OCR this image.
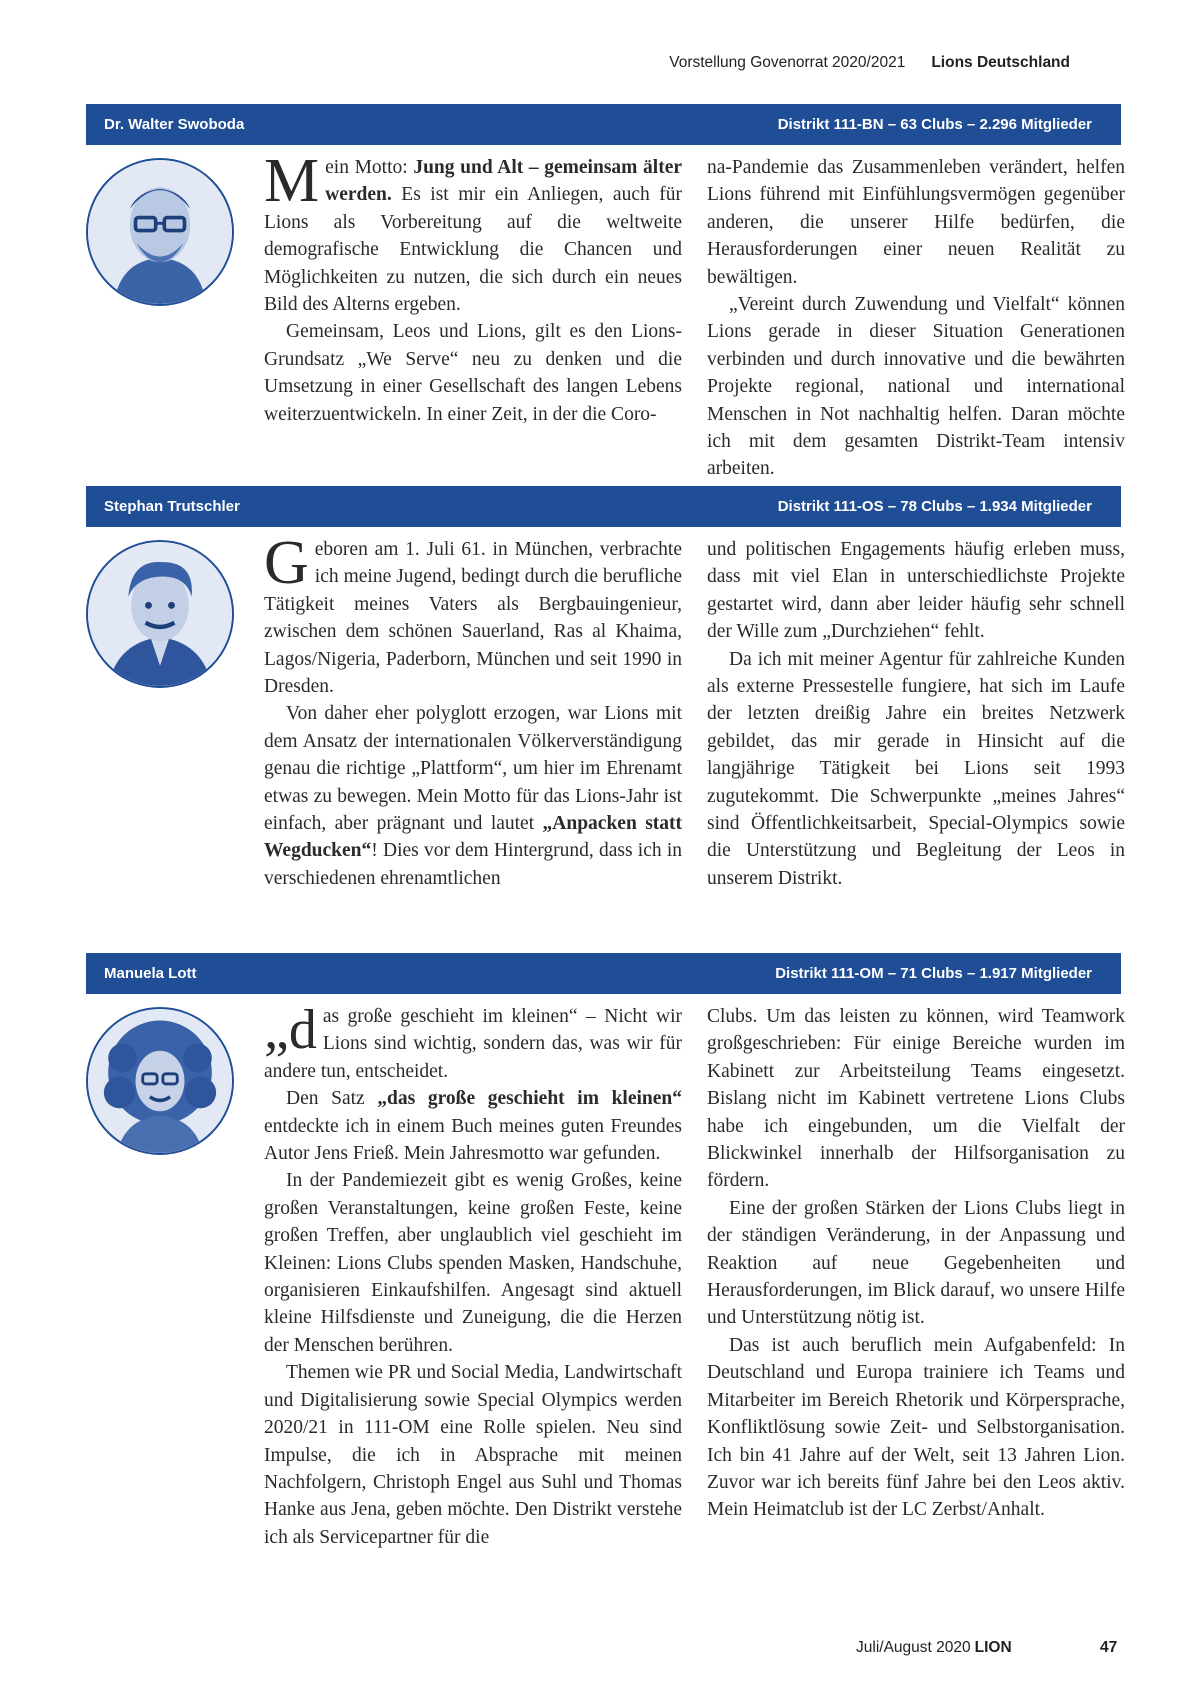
Vorstellung Govenorrat 2020/2021 Lions Deutschland
Dr. Walter Swoboda	Distrikt 111-BN – 63 Clubs – 2.296 Mitglieder

Mein Motto: Jung und Alt – gemeinsam älter werden. Es ist mir ein Anliegen, auch für Lions als Vorbereitung auf die weltweite demografische Entwicklung die Chancen und Möglichkeiten zu nutzen, die sich durch ein neues Bild des Alterns ergeben.

Gemeinsam, Leos und Lions, gilt es den Lions-Grundsatz „We Serve“ neu zu denken und die Umsetzung in einer Gesellschaft des langen Lebens weiterzuentwickeln. In einer Zeit, in der die Coro-

na-Pandemie das Zusammenleben verändert, helfen Lions führend mit Einfühlungsvermögen gegenüber anderen, die unserer Hilfe bedürfen, die Herausforderungen einer neuen Realität zu bewältigen.

„Vereint durch Zuwendung und Vielfalt“ können Lions gerade in dieser Situation Generationen verbinden und durch innovative und die bewährten Projekte regional, national und international Menschen in Not nachhaltig helfen. Daran möchte ich mit dem gesamten Distrikt-Team intensiv arbeiten.

Stephan Trutschler	Distrikt 111-OS – 78 Clubs – 1.934 Mitglieder

Geboren am 1. Juli 61. in München, verbrachte ich meine Jugend, bedingt durch die berufliche Tätigkeit meines Vaters als Bergbauingenieur, zwischen dem schönen Sauerland, Ras al Khaima, Lagos/Nigeria, Paderborn, München und seit 1990 in Dresden.

Von daher eher polyglott erzogen, war Lions mit dem Ansatz der internationalen Völkerverständigung genau die richtige „Plattform“, um hier im Ehrenamt etwas zu bewegen. Mein Motto für das Lions-Jahr ist einfach, aber prägnant und lautet „Anpacken statt Wegducken“! Dies vor dem Hintergrund, dass ich in verschiedenen ehrenamtlichen

und politischen Engagements häufig erleben muss, dass mit viel Elan in unterschiedlichste Projekte gestartet wird, dann aber leider häufig sehr schnell der Wille zum „Durchziehen“ fehlt.

Da ich mit meiner Agentur für zahlreiche Kunden als externe Pressestelle fungiere, hat sich im Laufe der letzten dreißig Jahre ein breites Netzwerk gebildet, das mir gerade in Hinsicht auf die langjährige Tätigkeit bei Lions seit 1993 zugutekommt. Die Schwerpunkte „meines Jahres“ sind Öffentlichkeitsarbeit, Special-Olympics sowie die Unterstützung und Begleitung der Leos in unserem Distrikt.

Manuela Lott	Distrikt 111-OM – 71 Clubs – 1.917 Mitglieder

„das große geschieht im kleinen“ – Nicht wir Lions sind wichtig, sondern das, was wir für andere tun, entscheidet.

Den Satz „das große geschieht im kleinen“ entdeckte ich in einem Buch meines guten Freundes Autor Jens Frieß. Mein Jahresmotto war gefunden.

In der Pandemiezeit gibt es wenig Großes, keine großen Veranstaltungen, keine großen Feste, keine großen Treffen, aber unglaublich viel geschieht im Kleinen: Lions Clubs spenden Masken, Handschuhe, organisieren Einkaufshilfen. Angesagt sind aktuell kleine Hilfsdienste und Zuneigung, die die Herzen der Menschen berühren.

Themen wie PR und Social Media, Landwirtschaft und Digitalisierung sowie Special Olympics werden 2020/21 in 111-OM eine Rolle spielen. Neu sind Impulse, die ich in Absprache mit meinen Nachfolgern, Christoph Engel aus Suhl und Thomas Hanke aus Jena, geben möchte. Den Distrikt verstehe ich als Servicepartner für die

Clubs. Um das leisten zu können, wird Teamwork großgeschrieben: Für einige Bereiche wurden im Kabinett zur Arbeitsteilung Teams eingesetzt. Bislang nicht im Kabinett vertretene Lions Clubs habe ich eingebunden, um die Vielfalt der Blickwinkel innerhalb der Hilfsorganisation zu fördern.

Eine der großen Stärken der Lions Clubs liegt in der ständigen Veränderung, in der Anpassung und Reaktion auf neue Gegebenheiten und Herausforderungen, im Blick darauf, wo unsere Hilfe und Unterstützung nötig ist.

Das ist auch beruflich mein Aufgabenfeld: In Deutschland und Europa trainiere ich Teams und Mitarbeiter im Bereich Rhetorik und Körpersprache, Konfliktlösung sowie Zeit- und Selbstorganisation. Ich bin 41 Jahre auf der Welt, seit 13 Jahren Lion. Zuvor war ich bereits fünf Jahre bei den Leos aktiv. Mein Heimatclub ist der LC Zerbst/Anhalt.

Juli/August 2020 LION	47
